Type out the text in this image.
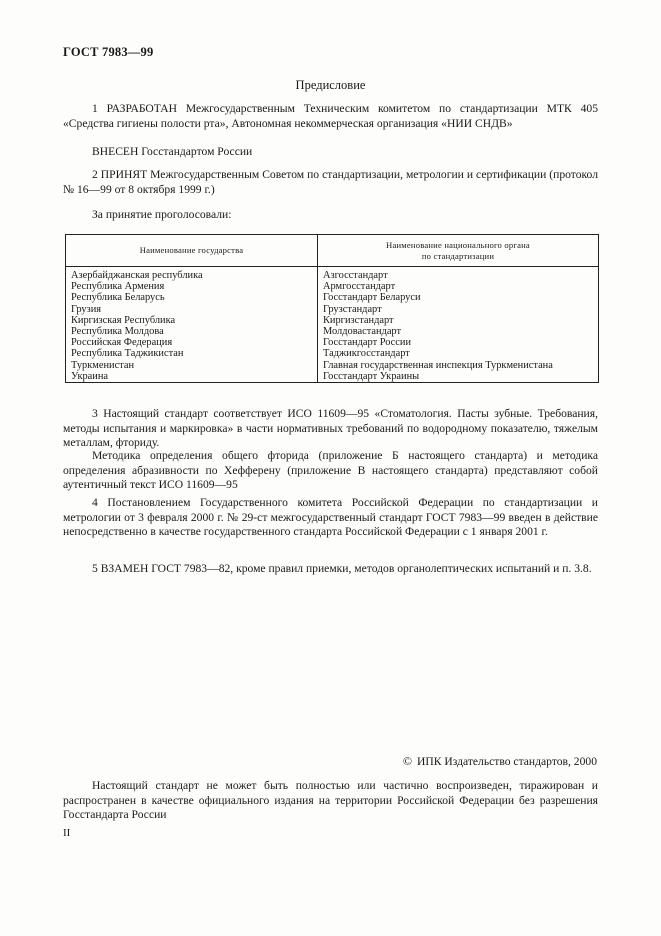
ГОСТ 7983—99
Предисловие

1 РАЗРАБОТАН Межгосударственным Техническим комитетом по стандартизации МТК 405 «Средства гигиены полости рта», Автономная некоммерческая организация «НИИ СНДВ»

ВНЕСЕН Госстандартом России

2 ПРИНЯТ Межгосударственным Советом по стандартизации, метрологии и сертификации (протокол № 16—99 от 8 октября 1999 г.)

За принятие проголосовали:

Наименование государства	Наименование национального органа
по стандартизации
Азербайджанская республика	Азгосстандарт
Республика Армения	Армгосстандарт
Республика Беларусь	Госстандарт Беларуси
Грузия	Грузстандарт
Киргизская Республика	Киргизстандарт
Республика Молдова	Молдовастандарт
Российская Федерация	Госстандарт России
Республика Таджикистан	Таджикгосстандарт
Туркменистан	Главная государственная инспекция Туркменистана
Украина	Госстандарт Украины

3 Настоящий стандарт соответствует ИСО 11609—95 «Стоматология. Пасты зубные. Требования, методы испытания и маркировка» в части нормативных требований по водородному показателю, тяжелым металлам, фториду.

Методика определения общего фторида (приложение Б настоящего стандарта) и методика определения абразивности по Хефферену (приложение В настоящего стандарта) представляют собой аутентичный текст ИСО 11609—95

4 Постановлением Государственного комитета Российской Федерации по стандартизации и метрологии от 3 февраля 2000 г. № 29-ст межгосударственный стандарт ГОСТ 7983—99 введен в действие непосредственно в качестве государственного стандарта Российской Федерации с 1 января 2001 г.

5 ВЗАМЕН ГОСТ 7983—82, кроме правил приемки, методов органолептических испытаний и п. 3.8.

© ИПК Издательство стандартов, 2000

Настоящий стандарт не может быть полностью или частично воспроизведен, тиражирован и распространен в качестве официального издания на территории Российской Федерации без разрешения Госстандарта России

II
